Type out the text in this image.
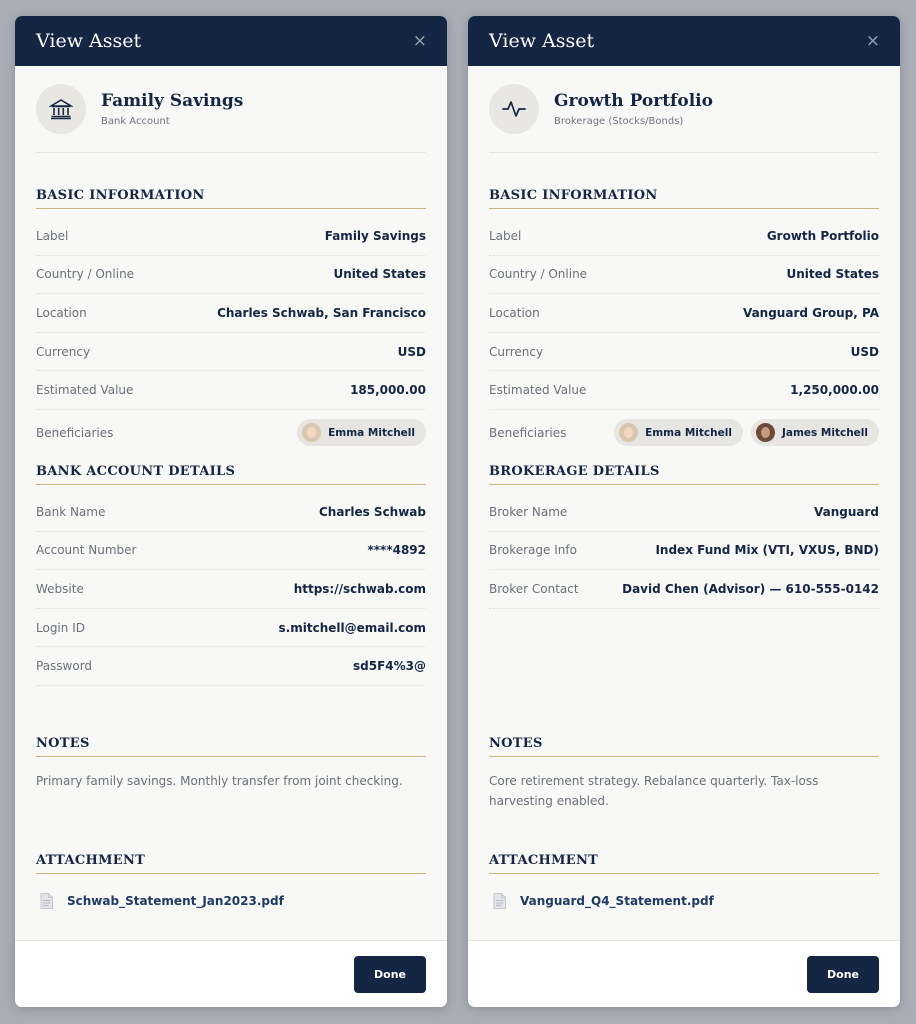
View Asset	×
Family Savings
Bank Account
BASIC INFORMATION
Label	Family Savings
Country / Online	United States
Location	Charles Schwab, San Francisco
Currency	USD
Estimated Value	185,000.00
Beneficiaries	Emma Mitchell
BANK ACCOUNT DETAILS
Bank Name	Charles Schwab
Account Number	****4892
Website	https://schwab.com
Login ID	s.mitchell@email.com
Password	sd5F4%3@
NOTES
Primary family savings. Monthly transfer from joint checking.
ATTACHMENT
Schwab_Statement_Jan2023.pdf
Done
View Asset	×
Growth Portfolio
Brokerage (Stocks/Bonds)
BASIC INFORMATION
Label	Growth Portfolio
Country / Online	United States
Location	Vanguard Group, PA
Currency	USD
Estimated Value	1,250,000.00
Beneficiaries	Emma Mitchell	James Mitchell
BROKERAGE DETAILS
Broker Name	Vanguard
Brokerage Info	Index Fund Mix (VTI, VXUS, BND)
Broker Contact	David Chen (Advisor) — 610-555-0142
NOTES
Core retirement strategy. Rebalance quarterly. Tax-loss harvesting enabled.
ATTACHMENT
Vanguard_Q4_Statement.pdf
Done
